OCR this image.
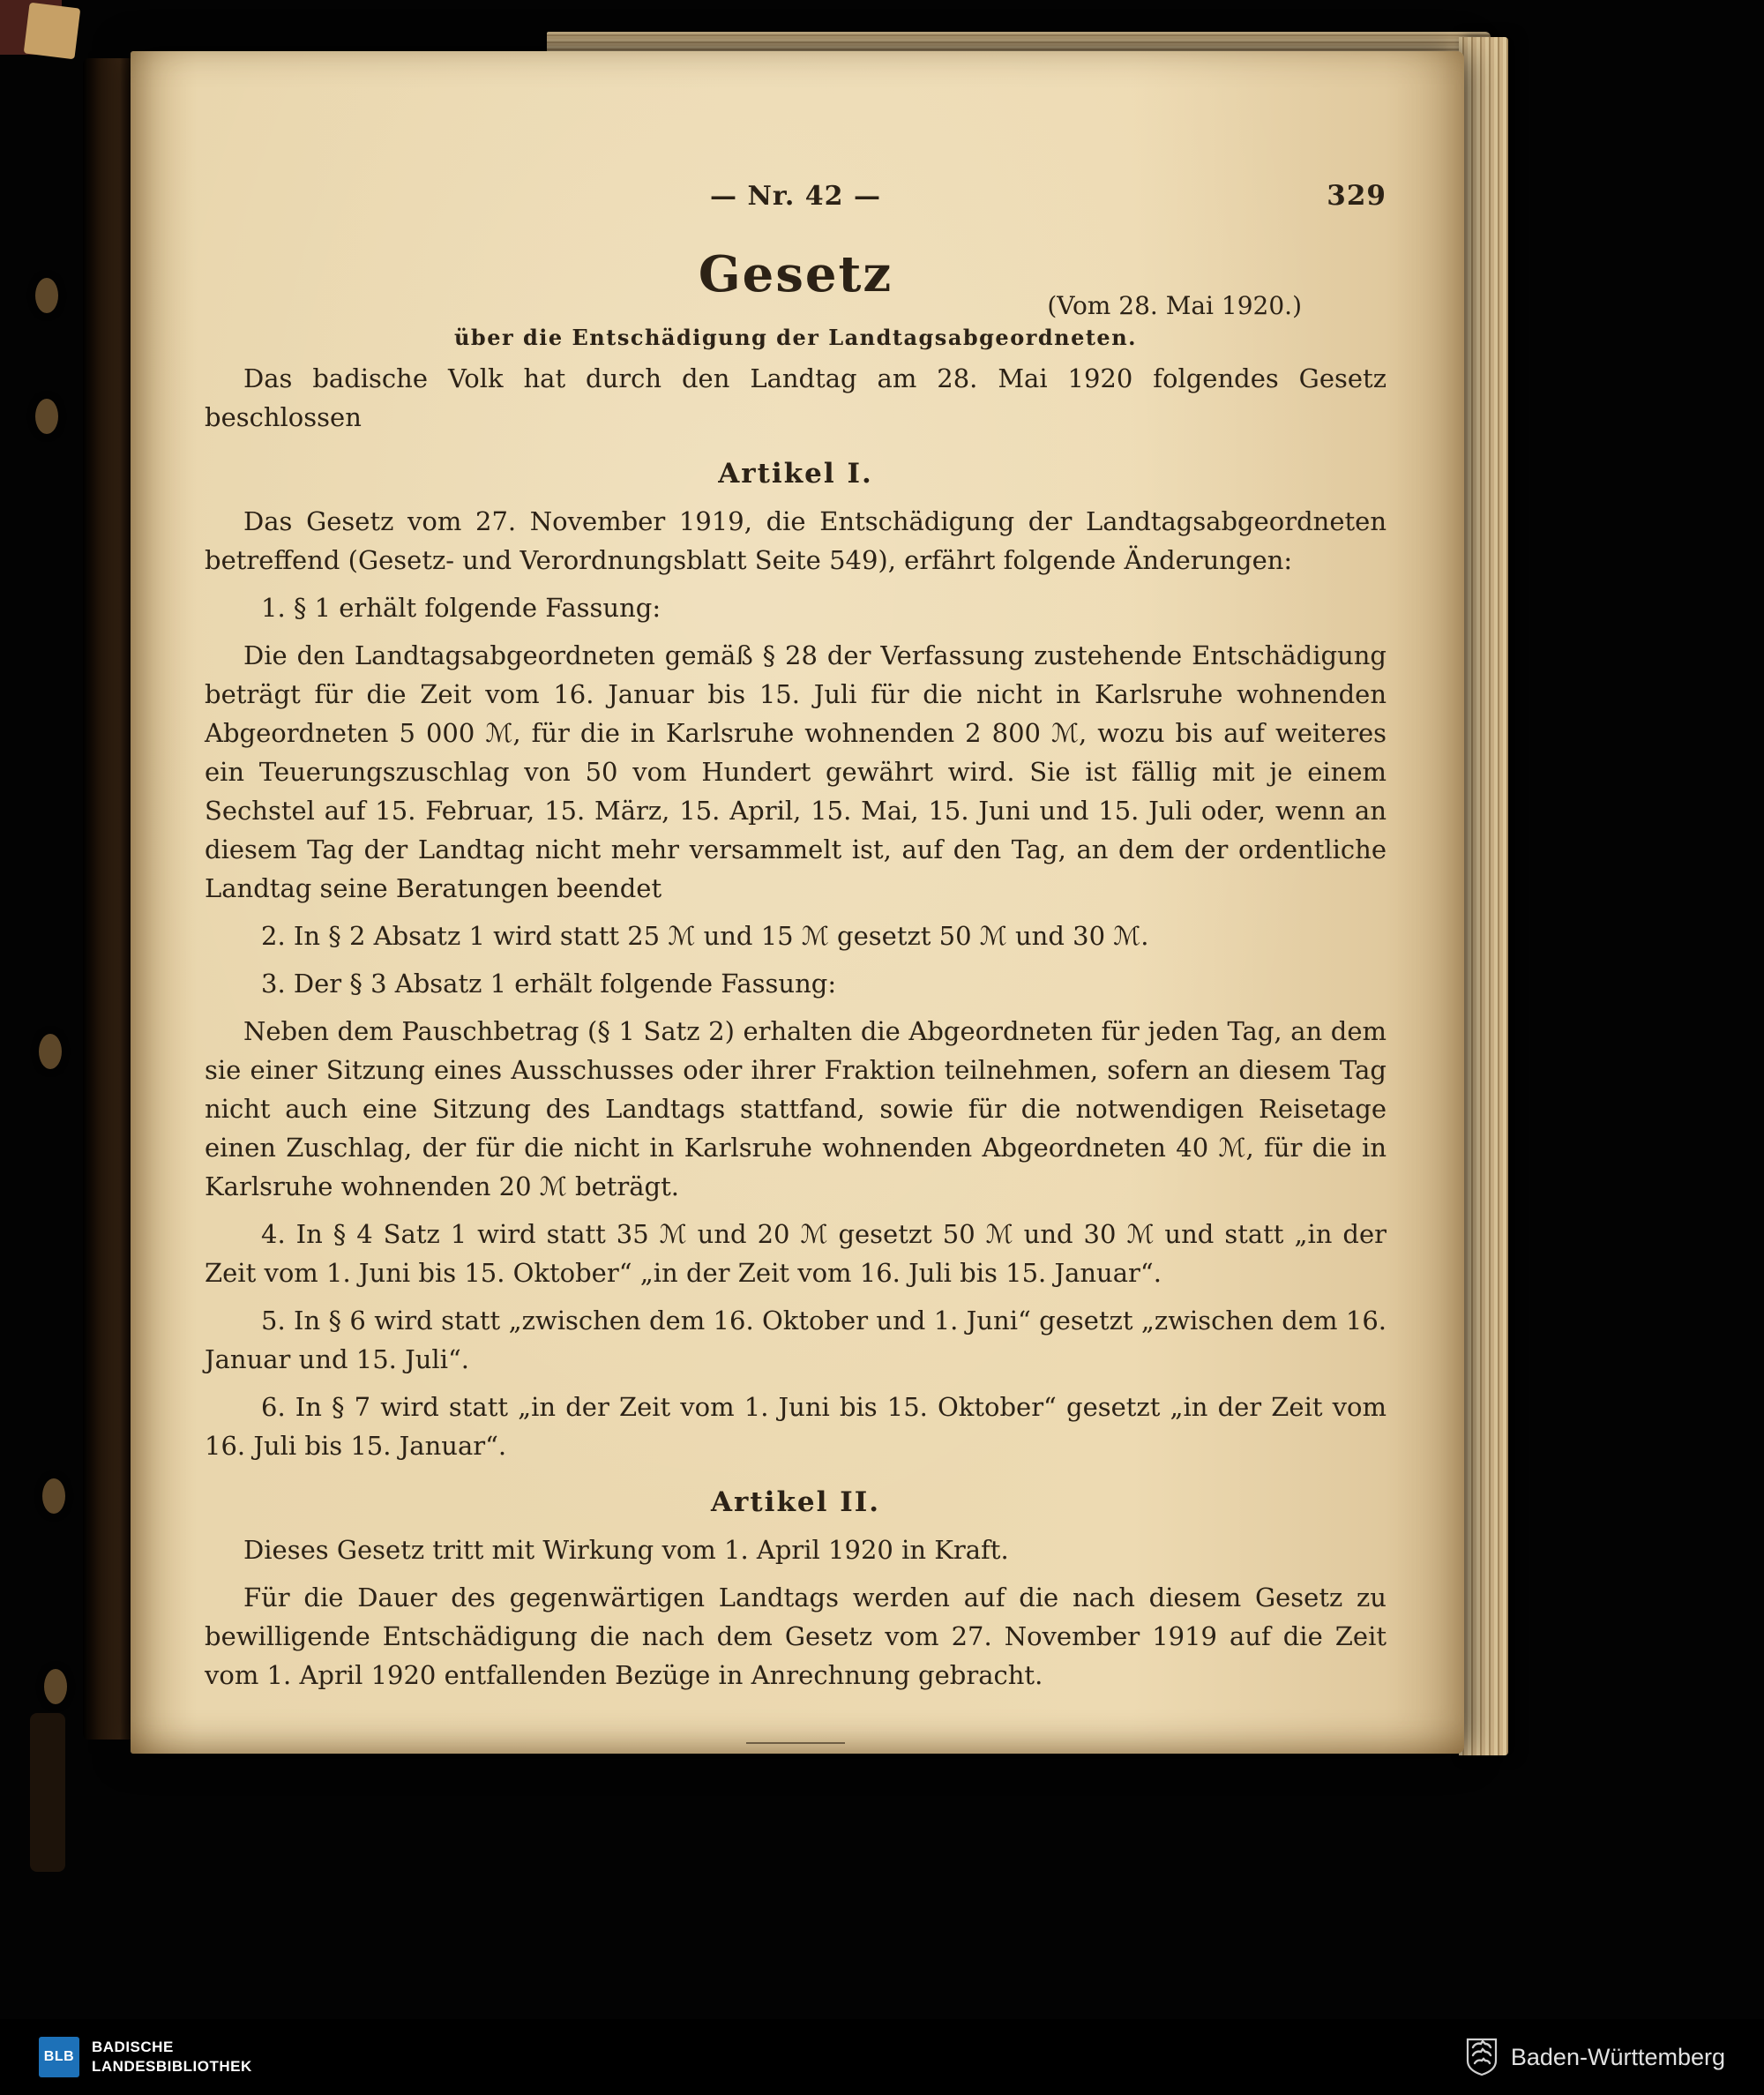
— Nr. 42 —	329
Gesetz
(Vom 28. Mai 1920.)
über die Entschädigung der Landtagsabgeordneten.

Das badische Volk hat durch den Landtag am 28. Mai 1920 folgendes Gesetz beschlossen

Artikel I.

Das Gesetz vom 27. November 1919, die Entschädigung der Landtagsabgeordneten betreffend (Gesetz- und Verordnungsblatt Seite 549), erfährt folgende Änderungen:

1. § 1 erhält folgende Fassung:

Die den Landtagsabgeordneten gemäß § 28 der Verfassung zustehende Entschädigung beträgt für die Zeit vom 16. Januar bis 15. Juli für die nicht in Karlsruhe wohnenden Abgeordneten 5 000 ℳ, für die in Karlsruhe wohnenden 2 800 ℳ, wozu bis auf weiteres ein Teuerungszuschlag von 50 vom Hundert gewährt wird. Sie ist fällig mit je einem Sechstel auf 15. Februar, 15. März, 15. April, 15. Mai, 15. Juni und 15. Juli oder, wenn an diesem Tag der Landtag nicht mehr versammelt ist, auf den Tag, an dem der ordentliche Landtag seine Beratungen beendet

2. In § 2 Absatz 1 wird statt 25 ℳ und 15 ℳ gesetzt 50 ℳ und 30 ℳ.

3. Der § 3 Absatz 1 erhält folgende Fassung:

Neben dem Pauschbetrag (§ 1 Satz 2) erhalten die Abgeordneten für jeden Tag, an dem sie einer Sitzung eines Ausschusses oder ihrer Fraktion teilnehmen, sofern an diesem Tag nicht auch eine Sitzung des Landtags stattfand, sowie für die notwendigen Reisetage einen Zuschlag, der für die nicht in Karlsruhe wohnenden Abgeordneten 40 ℳ, für die in Karlsruhe wohnenden 20 ℳ beträgt.

4. In § 4 Satz 1 wird statt 35 ℳ und 20 ℳ gesetzt 50 ℳ und 30 ℳ und statt „in der Zeit vom 1. Juni bis 15. Oktober“ „in der Zeit vom 16. Juli bis 15. Januar“.

5. In § 6 wird statt „zwischen dem 16. Oktober und 1. Juni“ gesetzt „zwischen dem 16. Januar und 15. Juli“.

6. In § 7 wird statt „in der Zeit vom 1. Juni bis 15. Oktober“ gesetzt „in der Zeit vom 16. Juli bis 15. Januar“.

Artikel II.

Dieses Gesetz tritt mit Wirkung vom 1. April 1920 in Kraft.

Für die Dauer des gegenwärtigen Landtags werden auf die nach diesem Gesetz zu bewilligende Entschädigung die nach dem Gesetz vom 27. November 1919 auf die Zeit vom 1. April 1920 entfallenden Bezüge in Anrechnung gebracht.

BLB
BADISCHE
LANDESBIBLIOTHEK	Baden-Württemberg
